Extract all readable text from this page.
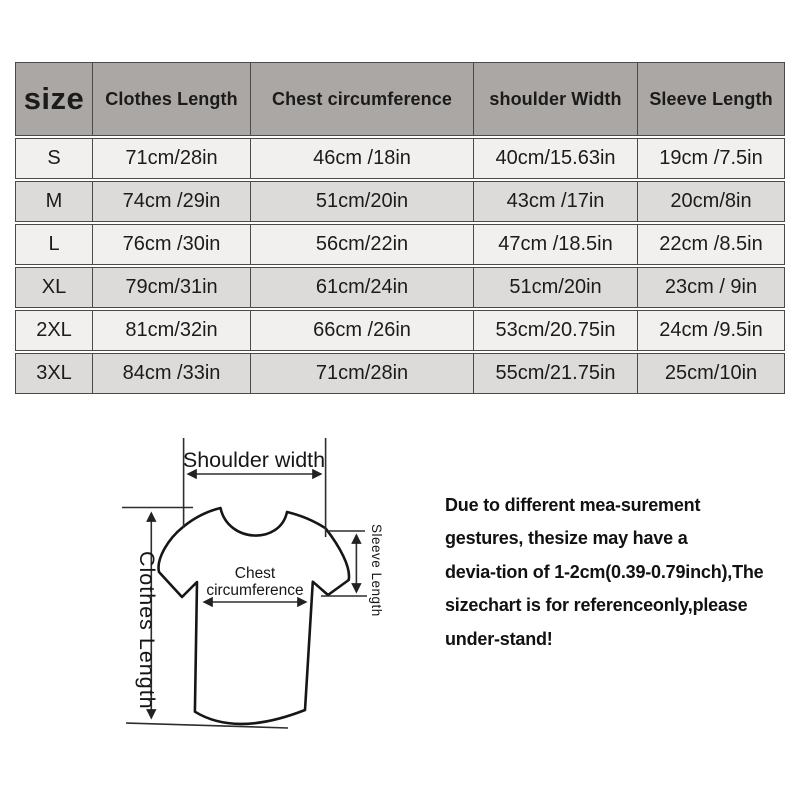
size	Clothes Length	Chest circumference	shoulder Width	Sleeve Length
S	71cm/28in	46cm /18in	40cm/15.63in	19cm /7.5in
M	74cm /29in	51cm/20in	43cm /17in	20cm/8in
L	76cm /30in	56cm/22in	47cm /18.5in	22cm /8.5in
XL	79cm/31in	61cm/24in	51cm/20in	23cm / 9in
2XL	81cm/32in	66cm /26in	53cm/20.75in	24cm /9.5in
3XL	84cm /33in	71cm/28in	55cm/21.75in	25cm/10in
Shoulder width
Clothes Length	Chest
circumference	Sleeve Length
Due to different mea-surement
gestures, thesize may have a
devia-tion of 1-2cm(0.39-0.79inch),The
sizechart is for referenceonly,please
under-stand!
